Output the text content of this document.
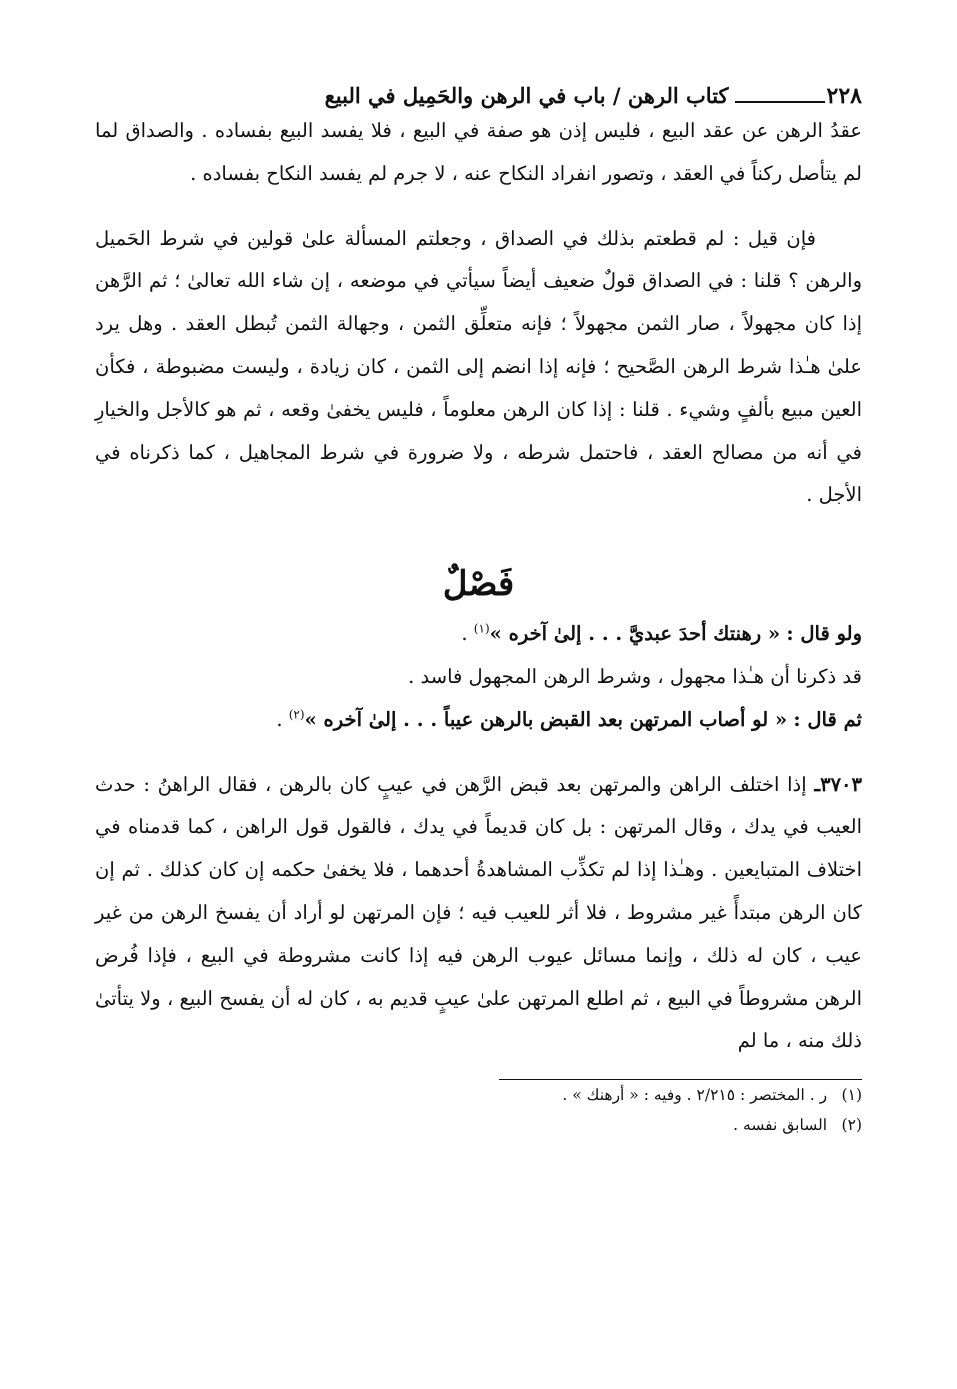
٢٢٨
كتاب الرهن / باب في الرهن والحَمِيل في البيع

عقدُ الرهن عن عقد البيع ، فليس إذن هو صفة في البيع ، فلا يفسد البيع بفساده . والصداق لما لم يتأصل ركناً في العقد ، وتصور انفراد النكاح عنه ، لا جرم لم يفسد النكاح بفساده .

فإن قيل : لم قطعتم بذلك في الصداق ، وجعلتم المسألة علىٰ قولين في شرط الحَميل والرهن ؟ قلنا : في الصداق قولٌ ضعيف أيضاً سيأتي في موضعه ، إن شاء الله تعالىٰ ؛ ثم الرَّهن إذا كان مجهولاً ، صار الثمن مجهولاً ؛ فإنه متعلِّق الثمن ، وجهالة الثمن تُبطل العقد . وهل يرد علىٰ هـٰذا شرط الرهن الصَّحيح ؛ فإنه إذا انضم إلى الثمن ، كان زيادة ، وليست مضبوطة ، فكأن العين مبيع بألفٍ وشيء . قلنا : إذا كان الرهن معلوماً ، فليس يخفىٰ وقعه ، ثم هو كالأجل والخيارِ في أنه من مصالح العقد ، فاحتمل شرطه ، ولا ضرورة في شرط المجاهيل ، كما ذكرناه في الأجل .

فَصْلٌ

ولو قال : « رهنتك أحدَ عبديَّ . . . إلىٰ آخره »$^{(١)}$ .

قد ذكرنا أن هـٰذا مجهول ، وشرط الرهن المجهول فاسد .

ثم قال : « لو أصاب المرتهن بعد القبض بالرهن عيباً . . . إلىٰ آخره »$^{(٢)}$ .

٣٧٠٣ـ إذا اختلف الراهن والمرتهن بعد قبض الرَّهن في عيبٍ كان بالرهن ، فقال الراهنُ : حدث العيب في يدك ، وقال المرتهن : بل كان قديماً في يدك ، فالقول قول الراهن ، كما قدمناه في اختلاف المتبايعين . وهـٰذا إذا لم تكذِّب المشاهدةُ أحدهما ، فلا يخفىٰ حكمه إن كان كذلك . ثم إن كان الرهن مبتدأً غير مشروط ، فلا أثر للعيب فيه ؛ فإن المرتهن لو أراد أن يفسخ الرهن من غير عيب ، كان له ذلك ، وإنما مسائل عيوب الرهن فيه إذا كانت مشروطة في البيع ، فإذا فُرض الرهن مشروطاً في البيع ، ثم اطلع المرتهن علىٰ عيبٍ قديم به ، كان له أن يفسح البيع ، ولا يتأتىٰ ذلك منه ، ما لم

(١) ر . المختصر : ٢/٢١٥ . وفيه : « أرهنك » .

(٢) السابق نفسه .
